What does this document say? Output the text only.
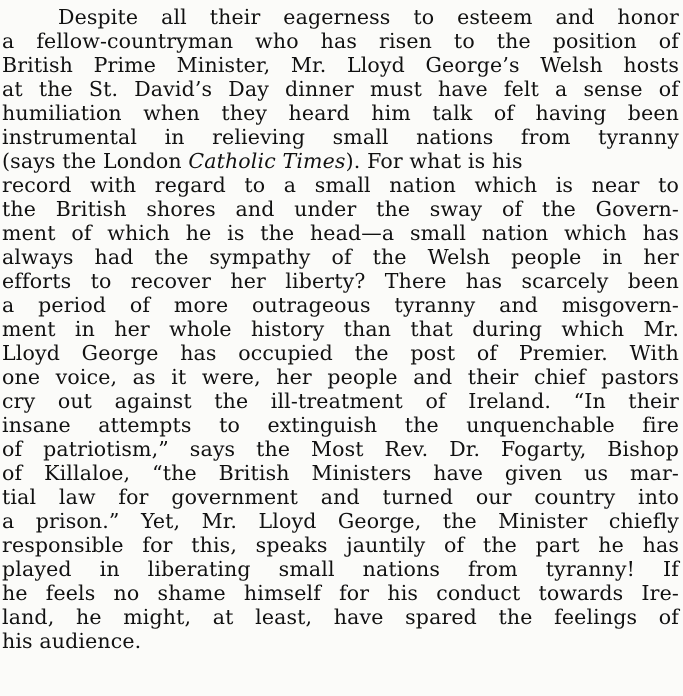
Despite all their eagerness to esteem and honor
a fellow-countryman who has risen to the position of
British Prime Minister, Mr. Lloyd George’s Welsh hosts
at the St. David’s Day dinner must have felt a sense of
humiliation when they heard him talk of having been
instrumental in relieving small nations from tyranny
(says the London Catholic Times). For what is his
record with regard to a small nation which is near to
the British shores and under the sway of the Govern-
ment of which he is the head—a small nation which has
always had the sympathy of the Welsh people in her
efforts to recover her liberty? There has scarcely been
a period of more outrageous tyranny and misgovern-
ment in her whole history than that during which Mr.
Lloyd George has occupied the post of Premier. With
one voice, as it were, her people and their chief pastors
cry out against the ill-treatment of Ireland. “In their
insane attempts to extinguish the unquenchable fire
of patriotism,” says the Most Rev. Dr. Fogarty, Bishop
of Killaloe, “the British Ministers have given us mar-
tial law for government and turned our country into
a prison.” Yet, Mr. Lloyd George, the Minister chiefly
responsible for this, speaks jauntily of the part he has
played in liberating small nations from tyranny! If
he feels no shame himself for his conduct towards Ire-
land, he might, at least, have spared the feelings of
his audience.
